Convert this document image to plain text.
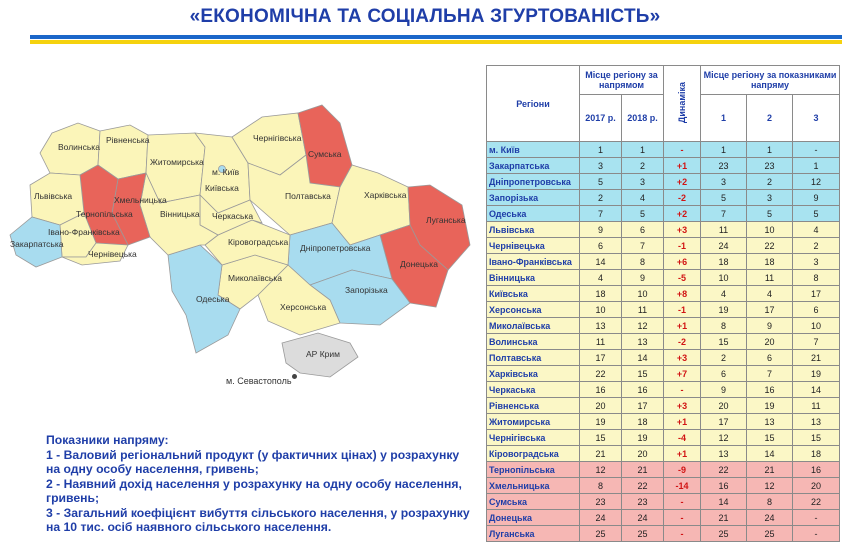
«ЕКОНОМІЧНА ТА СОЦІАЛЬНА ЗГУРТОВАНІСТЬ»
Волинська
Рівненська
Житомирська
Київська
м. Київ
Чернігівська
Сумська
Полтавська	Харківська
Луганська
Донецька
Дніпропетровська
Запорізька
Херсонська
АР Крим
Миколаївська
Одеська
Кіровоградська
Черкаська
Вінницька
Хмельницька
Тернопільська
Львівська
Івано-Франківська
Закарпатська
Чернівецька
м. Севастополь
Показники напряму:
1 - Валовий регіональний продукт (у фактичних цінах) у розрахунку на одну особу населення, гривень;
2 - Наявний дохід населення у розрахунку на одну особу населення, гривень;
3 - Загальний коефіцієнт вибуття сільського населення, у розрахунку на 10 тис. осіб наявного сільського населення.
Регіони	Місце регіону за напрямом		Динаміка	Місце регіону за показниками напряму		
	2017 р.	2018 р.		1	2	3

м. Київ	1	1	-	1	1	-
Закарпатська	3	2	+1	23	23	1
Дніпропетровська	5	3	+2	3	2	12
Запорізька	2	4	-2	5	3	9
Одеська	7	5	+2	7	5	5
Львівська	9	6	+3	11	10	4
Чернівецька	6	7	-1	24	22	2
Івано-Франківська	14	8	+6	18	18	3
Вінницька	4	9	-5	10	11	8
Київська	18	10	+8	4	4	17
Херсонська	10	11	-1	19	17	6
Миколаївська	13	12	+1	8	9	10
Волинська	11	13	-2	15	20	7
Полтавська	17	14	+3	2	6	21
Харківська	22	15	+7	6	7	19
Черкаська	16	16	-	9	16	14
Рівненська	20	17	+3	20	19	11
Житомирська	19	18	+1	17	13	13
Чернігівська	15	19	-4	12	15	15
Кіровоградська	21	20	+1	13	14	18
Тернопільська	12	21	-9	22	21	16
Хмельницька	8	22	-14	16	12	20
Сумська	23	23	-	14	8	22
Донецька	24	24	-	21	24	-
Луганська	25	25	-	25	25	-
